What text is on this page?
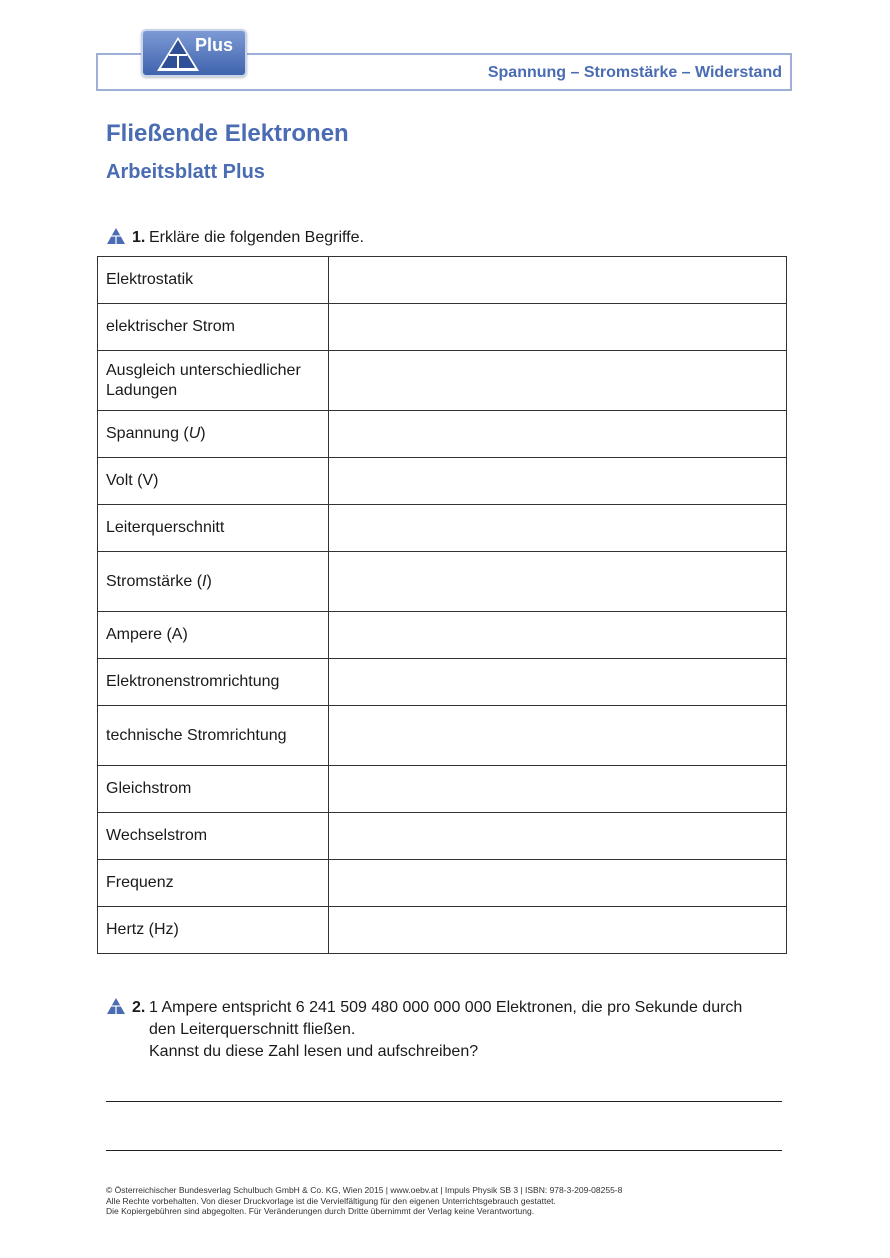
Spannung – Stromstärke – Widerstand
Plus
Fließende Elektronen
Arbeitsblatt Plus
1. Erkläre die folgenden Begriffe.
Elektrostatik	
elektrischer Strom	
Ausgleich unterschiedlicher Ladungen	
Spannung (U)	
Volt (V)	
Leiterquerschnitt	
Stromstärke (I)	
Ampere (A)	
Elektronenstromrichtung	
technische Stromrichtung	
Gleichstrom	
Wechselstrom	
Frequenz	
Hertz (Hz)	
2. 1 Ampere entspricht 6 241 509 480 000 000 000 Elektronen, die pro Sekunde durch
den Leiterquerschnitt fließen.
Kannst du diese Zahl lesen und aufschreiben?
© Österreichischer Bundesverlag Schulbuch GmbH & Co. KG, Wien 2015 | www.oebv.at | Impuls Physik SB 3 | ISBN: 978-3-209-08255-8
Alle Rechte vorbehalten. Von dieser Druckvorlage ist die Vervielfältigung für den eigenen Unterrichtsgebrauch gestattet.
Die Kopiergebühren sind abgegolten. Für Veränderungen durch Dritte übernimmt der Verlag keine Verantwortung.
